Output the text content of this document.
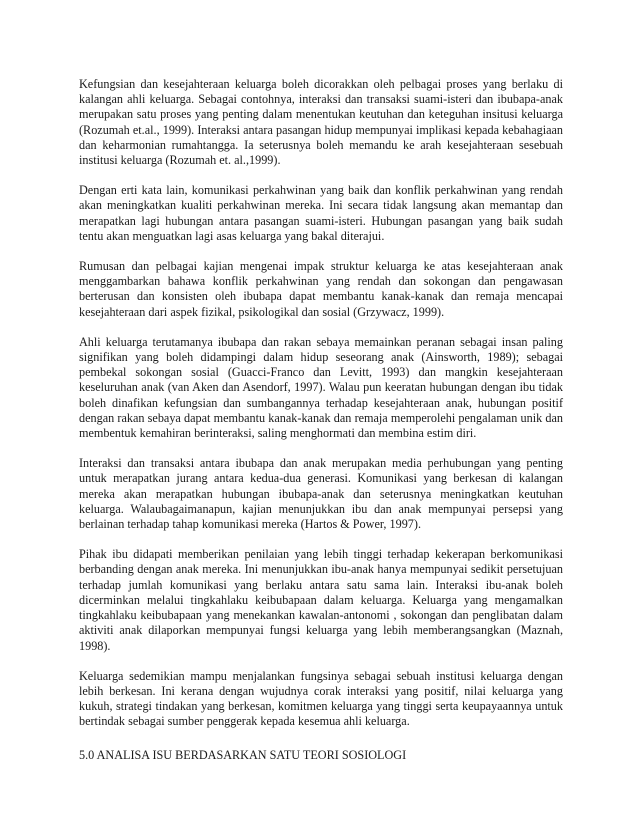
Kefungsian dan kesejahteraan keluarga boleh dicorakkan oleh pelbagai proses yang berlaku di kalangan ahli keluarga. Sebagai contohnya, interaksi dan transaksi suami-isteri dan ibubapa-anak merupakan satu proses yang penting dalam menentukan keutuhan dan keteguhan insitusi keluarga (Rozumah et.al., 1999). Interaksi antara pasangan hidup mempunyai implikasi kepada kebahagiaan dan keharmonian rumahtangga. Ia seterusnya boleh memandu ke arah kesejahteraan sesebuah institusi keluarga (Rozumah et. al.,1999).

Dengan erti kata lain, komunikasi perkahwinan yang baik dan konflik perkahwinan yang rendah akan meningkatkan kualiti perkahwinan mereka. Ini secara tidak langsung akan memantap dan merapatkan lagi hubungan antara pasangan suami-isteri. Hubungan pasangan yang baik sudah tentu akan menguatkan lagi asas keluarga yang bakal diterajui.

Rumusan dan pelbagai kajian mengenai impak struktur keluarga ke atas kesejahteraan anak menggambarkan bahawa konflik perkahwinan yang rendah dan sokongan dan pengawasan berterusan dan konsisten oleh ibubapa dapat membantu kanak-kanak dan remaja mencapai kesejahteraan dari aspek fizikal, psikologikal dan sosial (Grzywacz, 1999).

Ahli keluarga terutamanya ibubapa dan rakan sebaya memainkan peranan sebagai insan paling signifikan yang boleh didampingi dalam hidup seseorang anak (Ainsworth, 1989); sebagai pembekal sokongan sosial (Guacci-Franco dan Levitt, 1993) dan mangkin kesejahteraan keseluruhan anak (van Aken dan Asendorf, 1997). Walau pun keeratan hubungan dengan ibu tidak boleh dinafikan kefungsian dan sumbangannya terhadap kesejahteraan anak, hubungan positif dengan rakan sebaya dapat membantu kanak-kanak dan remaja memperolehi pengalaman unik dan membentuk kemahiran berinteraksi, saling menghormati dan membina estim diri.

Interaksi dan transaksi antara ibubapa dan anak merupakan media perhubungan yang penting untuk merapatkan jurang antara kedua-dua generasi. Komunikasi yang berkesan di kalangan mereka akan merapatkan hubungan ibubapa-anak dan seterusnya meningkatkan keutuhan keluarga. Walaubagaimanapun, kajian menunjukkan ibu dan anak mempunyai persepsi yang berlainan terhadap tahap komunikasi mereka (Hartos & Power, 1997).

Pihak ibu didapati memberikan penilaian yang lebih tinggi terhadap kekerapan berkomunikasi berbanding dengan anak mereka. Ini menunjukkan ibu-anak hanya mempunyai sedikit persetujuan terhadap jumlah komunikasi yang berlaku antara satu sama lain. Interaksi ibu-anak boleh dicerminkan melalui tingkahlaku keibubapaan dalam keluarga. Keluarga yang mengamalkan tingkahlaku keibubapaan yang menekankan kawalan-antonomi , sokongan dan penglibatan dalam aktiviti anak dilaporkan mempunyai fungsi keluarga yang lebih memberangsangkan (Maznah, 1998).

Keluarga sedemikian mampu menjalankan fungsinya sebagai sebuah institusi keluarga dengan lebih berkesan. Ini kerana dengan wujudnya corak interaksi yang positif, nilai keluarga yang kukuh, strategi tindakan yang berkesan, komitmen keluarga yang tinggi serta keupayaannya untuk bertindak sebagai sumber penggerak kepada kesemua ahli keluarga.

5.0 ANALISA ISU BERDASARKAN SATU TEORI SOSIOLOGI
